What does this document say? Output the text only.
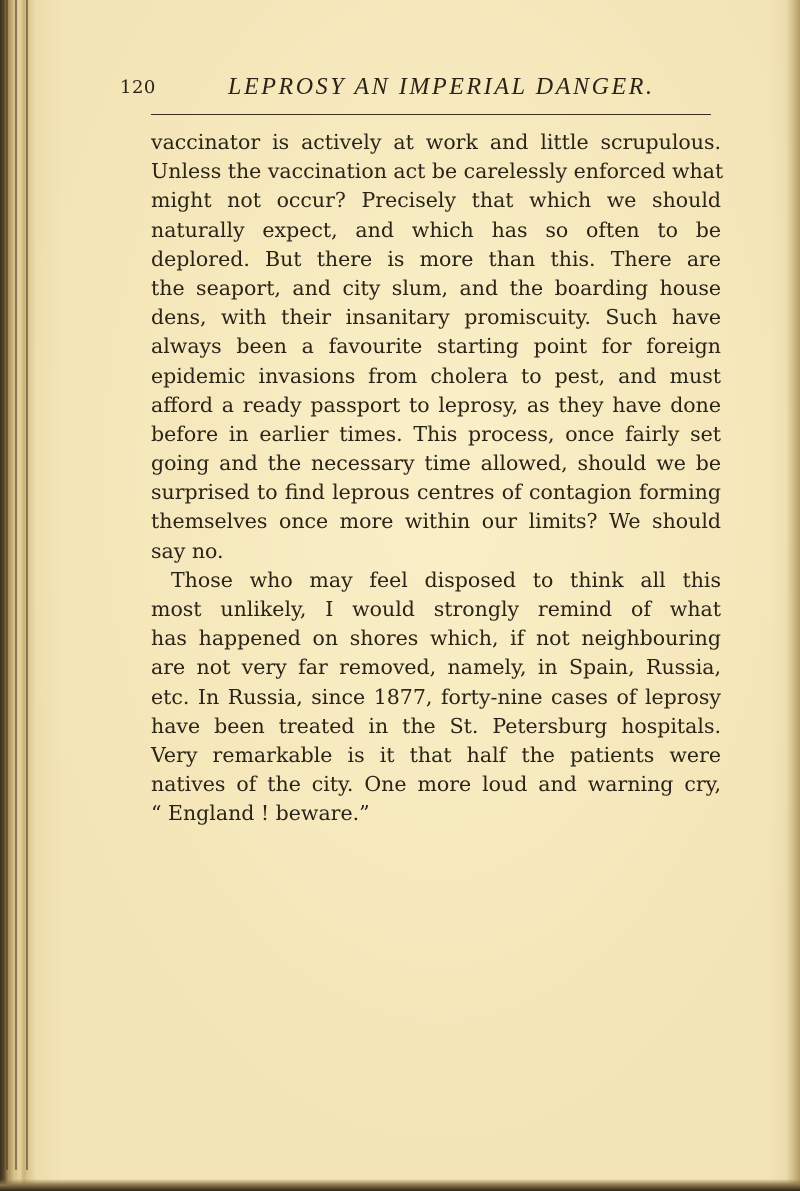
120	LEPROSY AN IMPERIAL DANGER.
vaccinator is actively at work and little scrupulous.
Unless the vaccination act be carelessly enforced what
might not occur? Precisely that which we should
naturally expect, and which has so often to be
deplored. But there is more than this. There are
the seaport, and city slum, and the boarding house
dens, with their insanitary promiscuity. Such have
always been a favourite starting point for foreign
epidemic invasions from cholera to pest, and must
afford a ready passport to leprosy, as they have done
before in earlier times. This process, once fairly set
going and the necessary time allowed, should we be
surprised to find leprous centres of contagion forming
themselves once more within our limits? We should
say no.
Those who may feel disposed to think all this
most unlikely, I would strongly remind of what
has happened on shores which, if not neighbouring
are not very far removed, namely, in Spain, Russia,
etc. In Russia, since 1877, forty-nine cases of leprosy
have been treated in the St. Petersburg hospitals.
Very remarkable is it that half the patients were
natives of the city. One more loud and warning cry,
“ England ! beware.”
